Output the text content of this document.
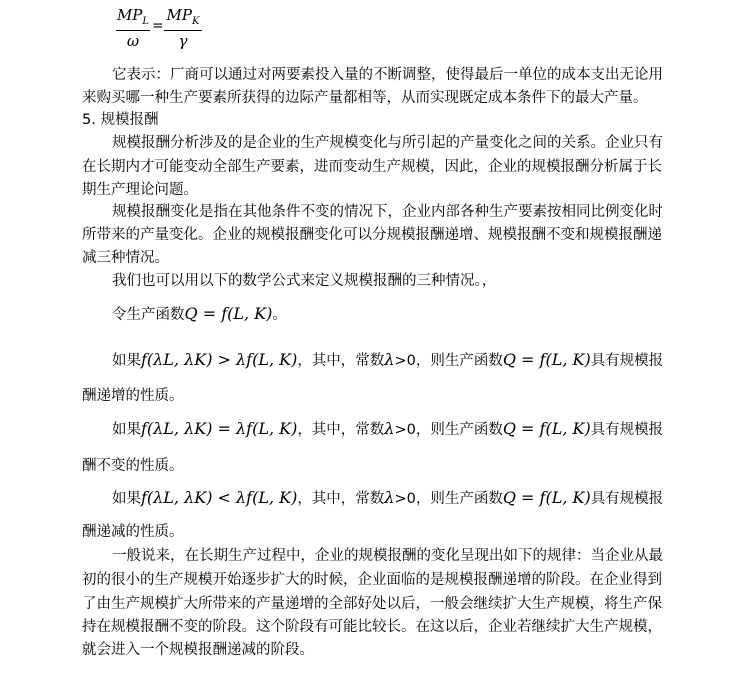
$MP_L$
ω
=
$MP_K$
γ
它表示：厂商可以通过对两要素投入量的不断调整，使得最后一单位的成本支出无论用
来购买哪一种生产要素所获得的边际产量都相等，从而实现既定成本条件下的最大产量。
5. 规模报酬
规模报酬分析涉及的是企业的生产规模变化与所引起的产量变化之间的关系。企业只有
在长期内才可能变动全部生产要素，进而变动生产规模，因此，企业的规模报酬分析属于长
期生产理论问题。
规模报酬变化是指在其他条件不变的情况下，企业内部各种生产要素按相同比例变化时
所带来的产量变化。企业的规模报酬变化可以分规模报酬递增、规模报酬不变和规模报酬递
减三种情况。
我们也可以用以下的数学公式来定义规模报酬的三种情况。，
令生产函数Q = f(L, K)。
如果f(λL, λK) > λf(L, K)，其中，常数λ>0，则生产函数Q = f(L, K)具有规模报
酬递增的性质。
如果f(λL, λK) = λf(L, K)，其中，常数λ>0，则生产函数Q = f(L, K)具有规模报
酬不变的性质。
如果f(λL, λK) < λf(L, K)，其中，常数λ>0，则生产函数Q = f(L, K)具有规模报
酬递减的性质。
一般说来，在长期生产过程中，企业的规模报酬的变化呈现出如下的规律：当企业从最
初的很小的生产规模开始逐步扩大的时候，企业面临的是规模报酬递增的阶段。在企业得到
了由生产规模扩大所带来的产量递增的全部好处以后，一般会继续扩大生产规模，将生产保
持在规模报酬不变的阶段。这个阶段有可能比较长。在这以后，企业若继续扩大生产规模，
就会进入一个规模报酬递减的阶段。
